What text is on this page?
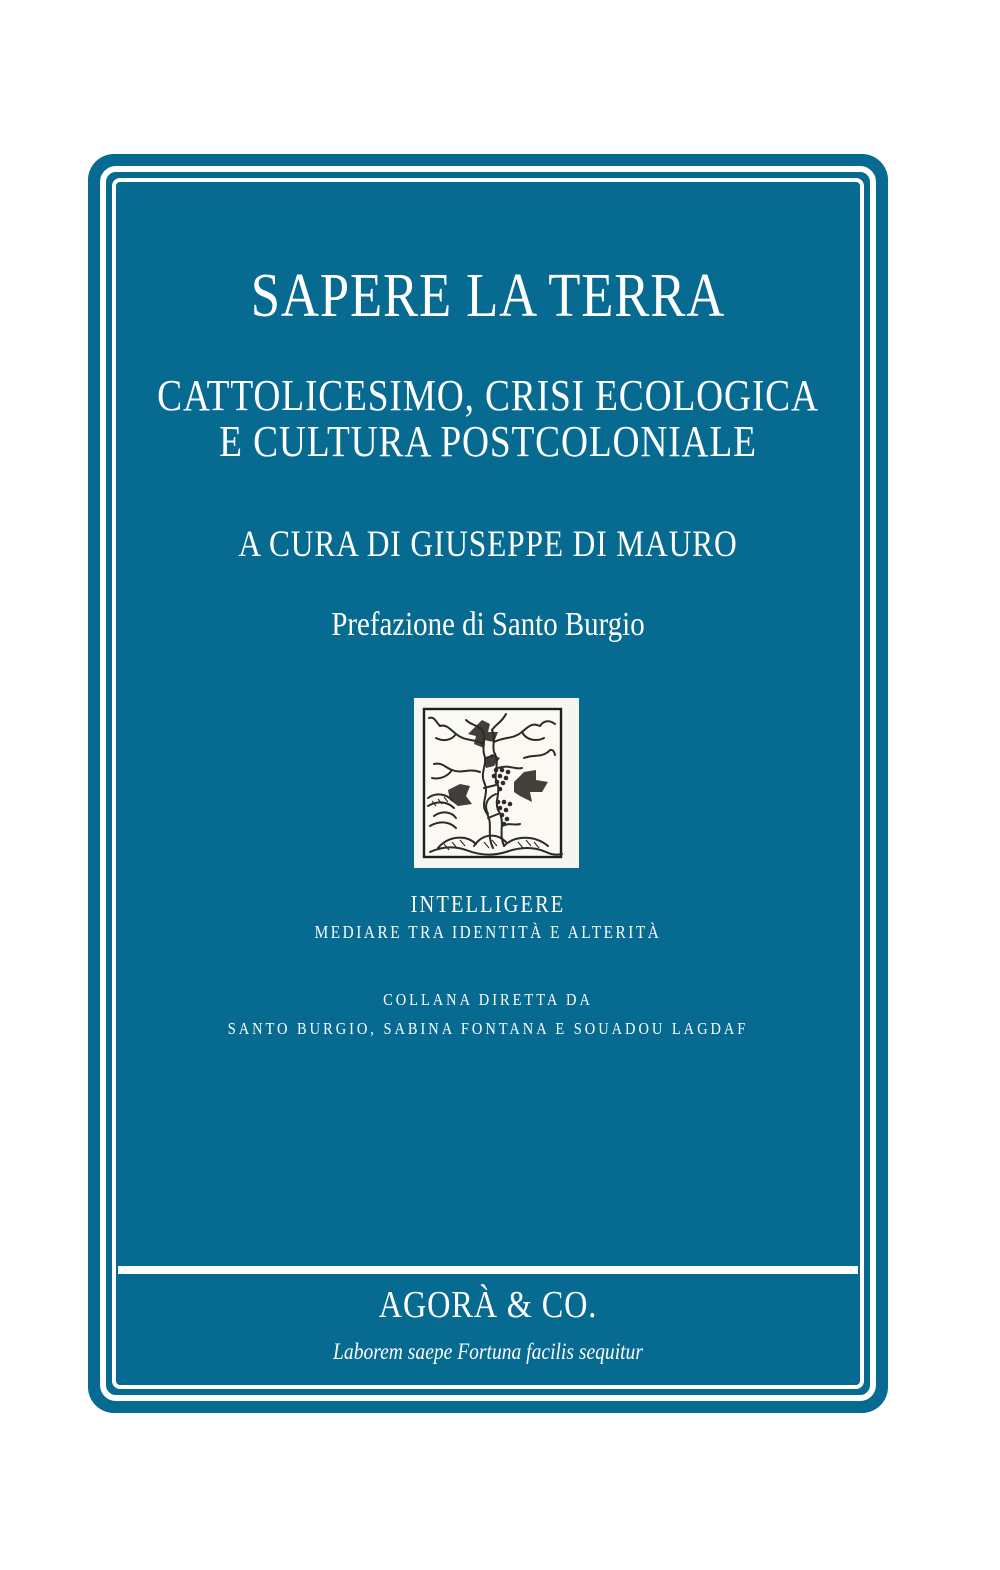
SAPERE LA TERRA
CATTOLICESIMO, CRISI ECOLOGICA
E CULTURA POSTCOLONIALE
A CURA DI GIUSEPPE DI MAURO
Prefazione di Santo Burgio
INTELLIGERE
MEDIARE TRA IDENTITÀ E ALTERITÀ
COLLANA DIRETTA DA
SANTO BURGIO, SABINA FONTANA E SOUADOU LAGDAF
AGORÀ & CO.
Laborem saepe Fortuna facilis sequitur
